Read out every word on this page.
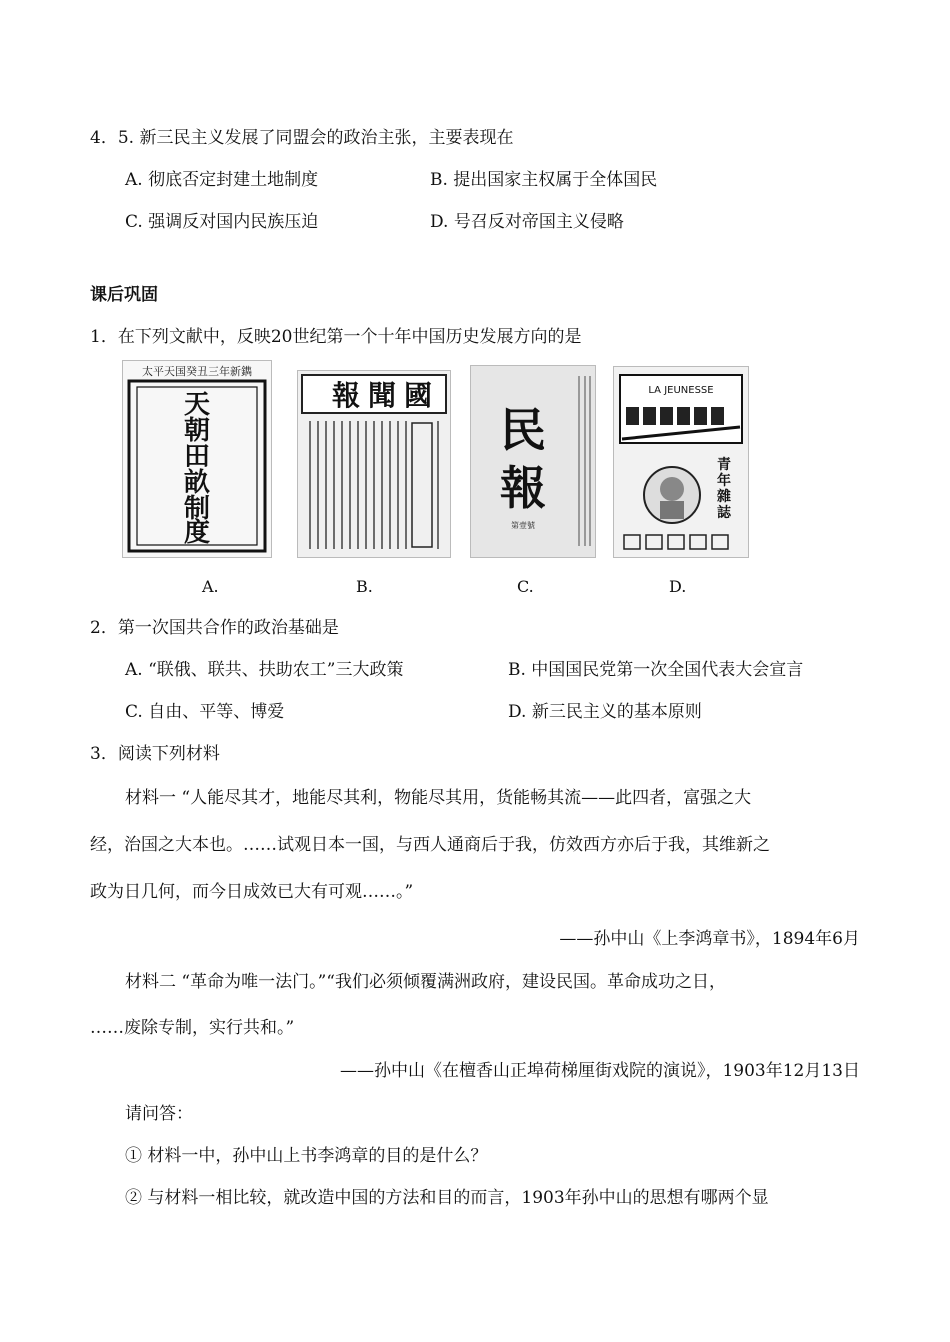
4．5. 新三民主义发展了同盟会的政治主张，主要表现在
A. 彻底否定封建土地制度	B. 提出国家主权属于全体国民
C. 强调反对国内民族压迫	D. 号召反对帝国主义侵略
课后巩固
1．在下列文献中，反映20世纪第一个十年中国历史发展方向的是
太平天国癸丑三年新鐫
天
朝
田
畝
制
度
國
聞
報
民
報
第壹號
LA JEUNESSE
青
年
雜
誌
A.	B.	C.	D.
2．第一次国共合作的政治基础是
A. “联俄、联共、扶助农工”三大政策	B. 中国国民党第一次全国代表大会宣言
C. 自由、平等、博爱	D. 新三民主义的基本原则
3．阅读下列材料
材料一 “人能尽其才，地能尽其利，物能尽其用，货能畅其流——此四者，富强之大
经，治国之大本也。……试观日本一国，与西人通商后于我，仿效西方亦后于我，其维新之
政为日几何，而今日成效已大有可观……。”
——孙中山《上李鸿章书》，1894年6月
材料二 “革命为唯一法门。”“我们必须倾覆满洲政府，建设民国。革命成功之日，
……废除专制，实行共和。”
——孙中山《在檀香山正埠荷梯厘街戏院的演说》，1903年12月13日
请问答：
① 材料一中，孙中山上书李鸿章的目的是什么？
② 与材料一相比较，就改造中国的方法和目的而言，1903年孙中山的思想有哪两个显
